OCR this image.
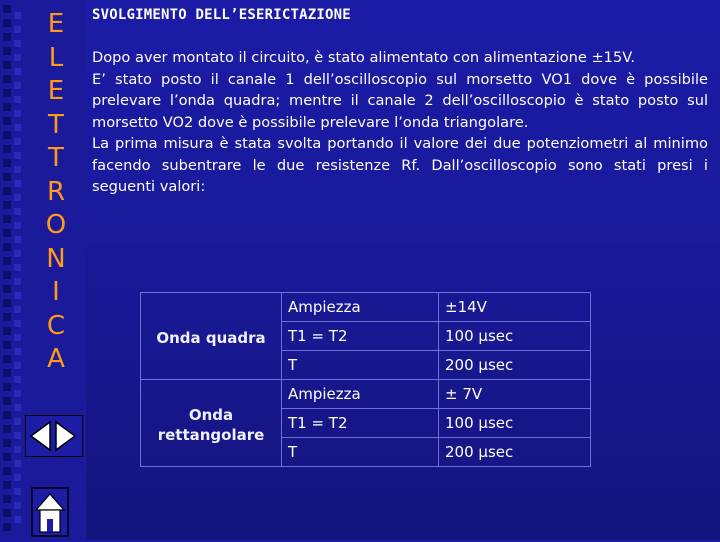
E
L
E
T
T
R
O
N
I
C
A
SVOLGIMENTO DELL’ESERICTAZIONE

Dopo aver montato il circuito, è stato alimentato con alimentazione ±15V.

E’ stato posto il canale 1 dell’oscilloscopio sul morsetto VO1 dove è possibile prelevare l’onda quadra; mentre il canale 2 dell’oscilloscopio è stato posto sul morsetto VO2 dove è possibile prelevare l’onda triangolare.

La prima misura è stata svolta portando il valore dei due potenziometri al minimo facendo subentrare le due resistenze Rf. Dall’oscilloscopio sono stati presi i seguenti valori:

Onda quadra	Ampiezza	±14V
	T1 = T2	100 μsec
	T	200 μsec

Onda rettangolare	Ampiezza	± 7V
	T1 = T2	100 μsec
	T	200 μsec
